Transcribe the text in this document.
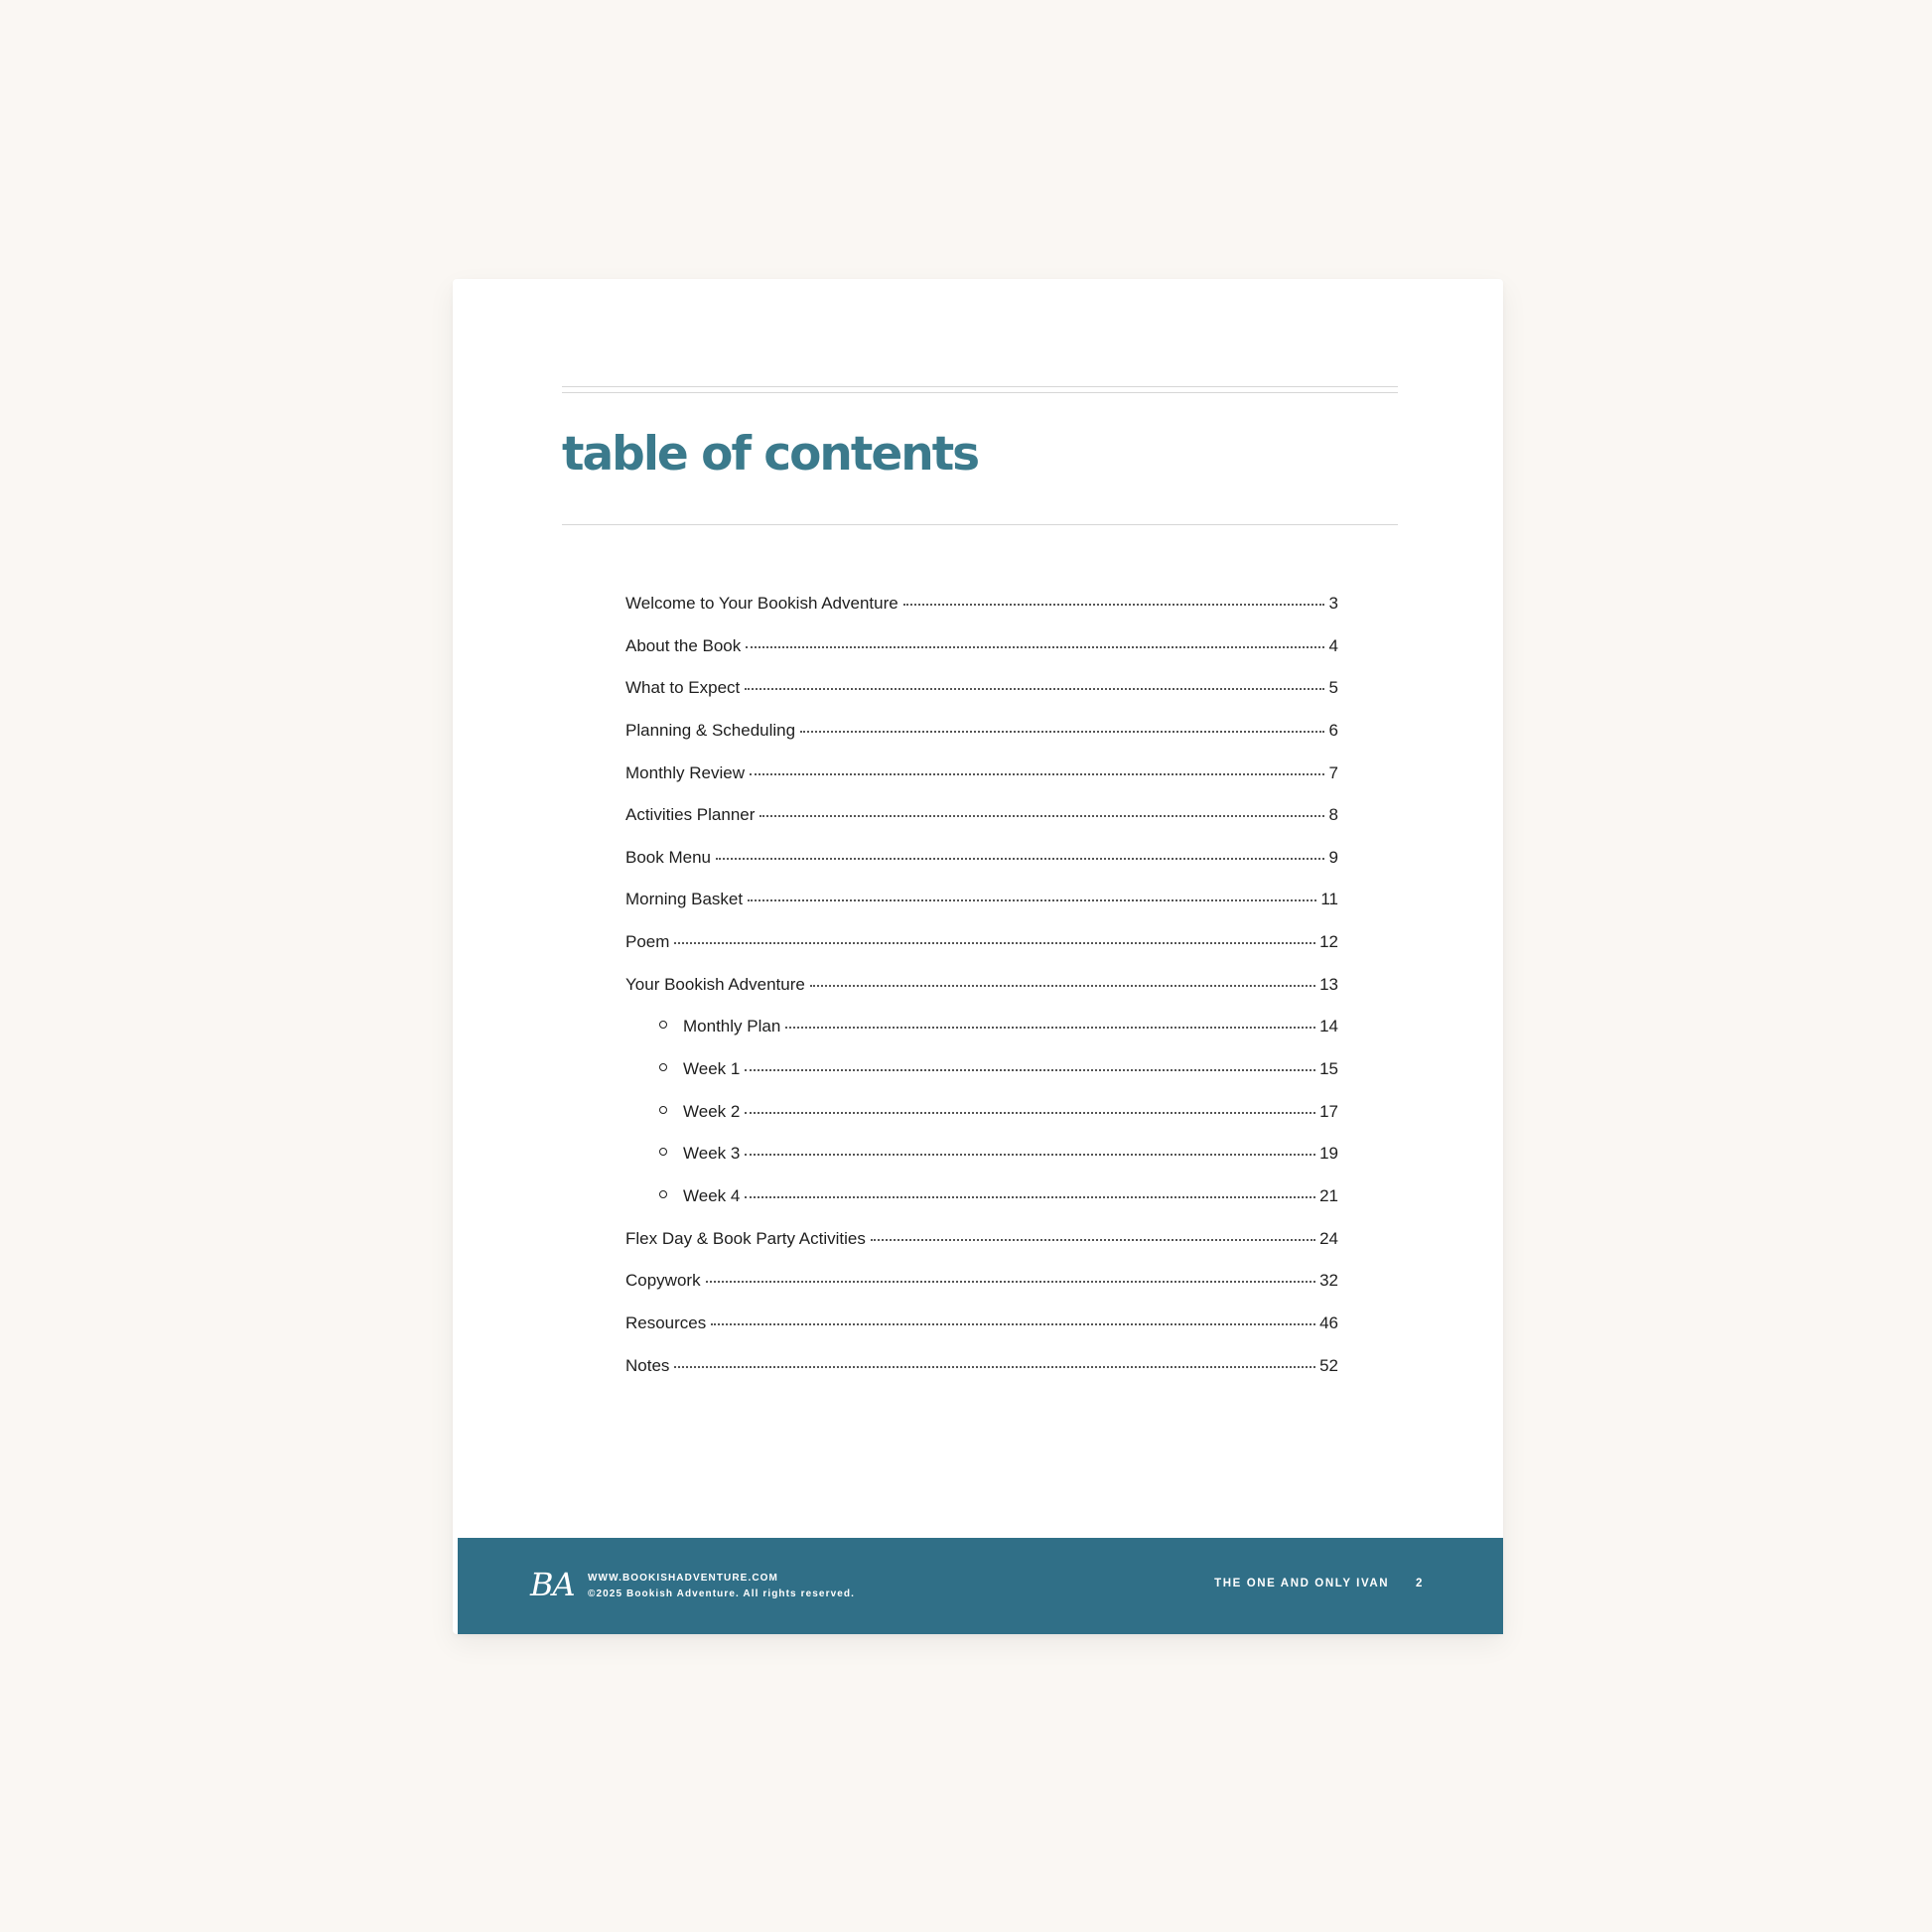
table of contents
Welcome to Your Bookish Adventure	3
About the Book	4
What to Expect	5
Planning & Scheduling	6
Monthly Review	7
Activities Planner	8
Book Menu	9
Morning Basket	11
Poem	12
Your Bookish Adventure	13
Monthly Plan	14
Week 1	15
Week 2	17
Week 3	19
Week 4	21
Flex Day & Book Party Activities	24
Copywork	32
Resources	46
Notes	52
BA WWW.BOOKISHADVENTURE.COM
©2025 Bookish Adventure. All rights reserved.
THE ONE AND ONLY IVAN 2
